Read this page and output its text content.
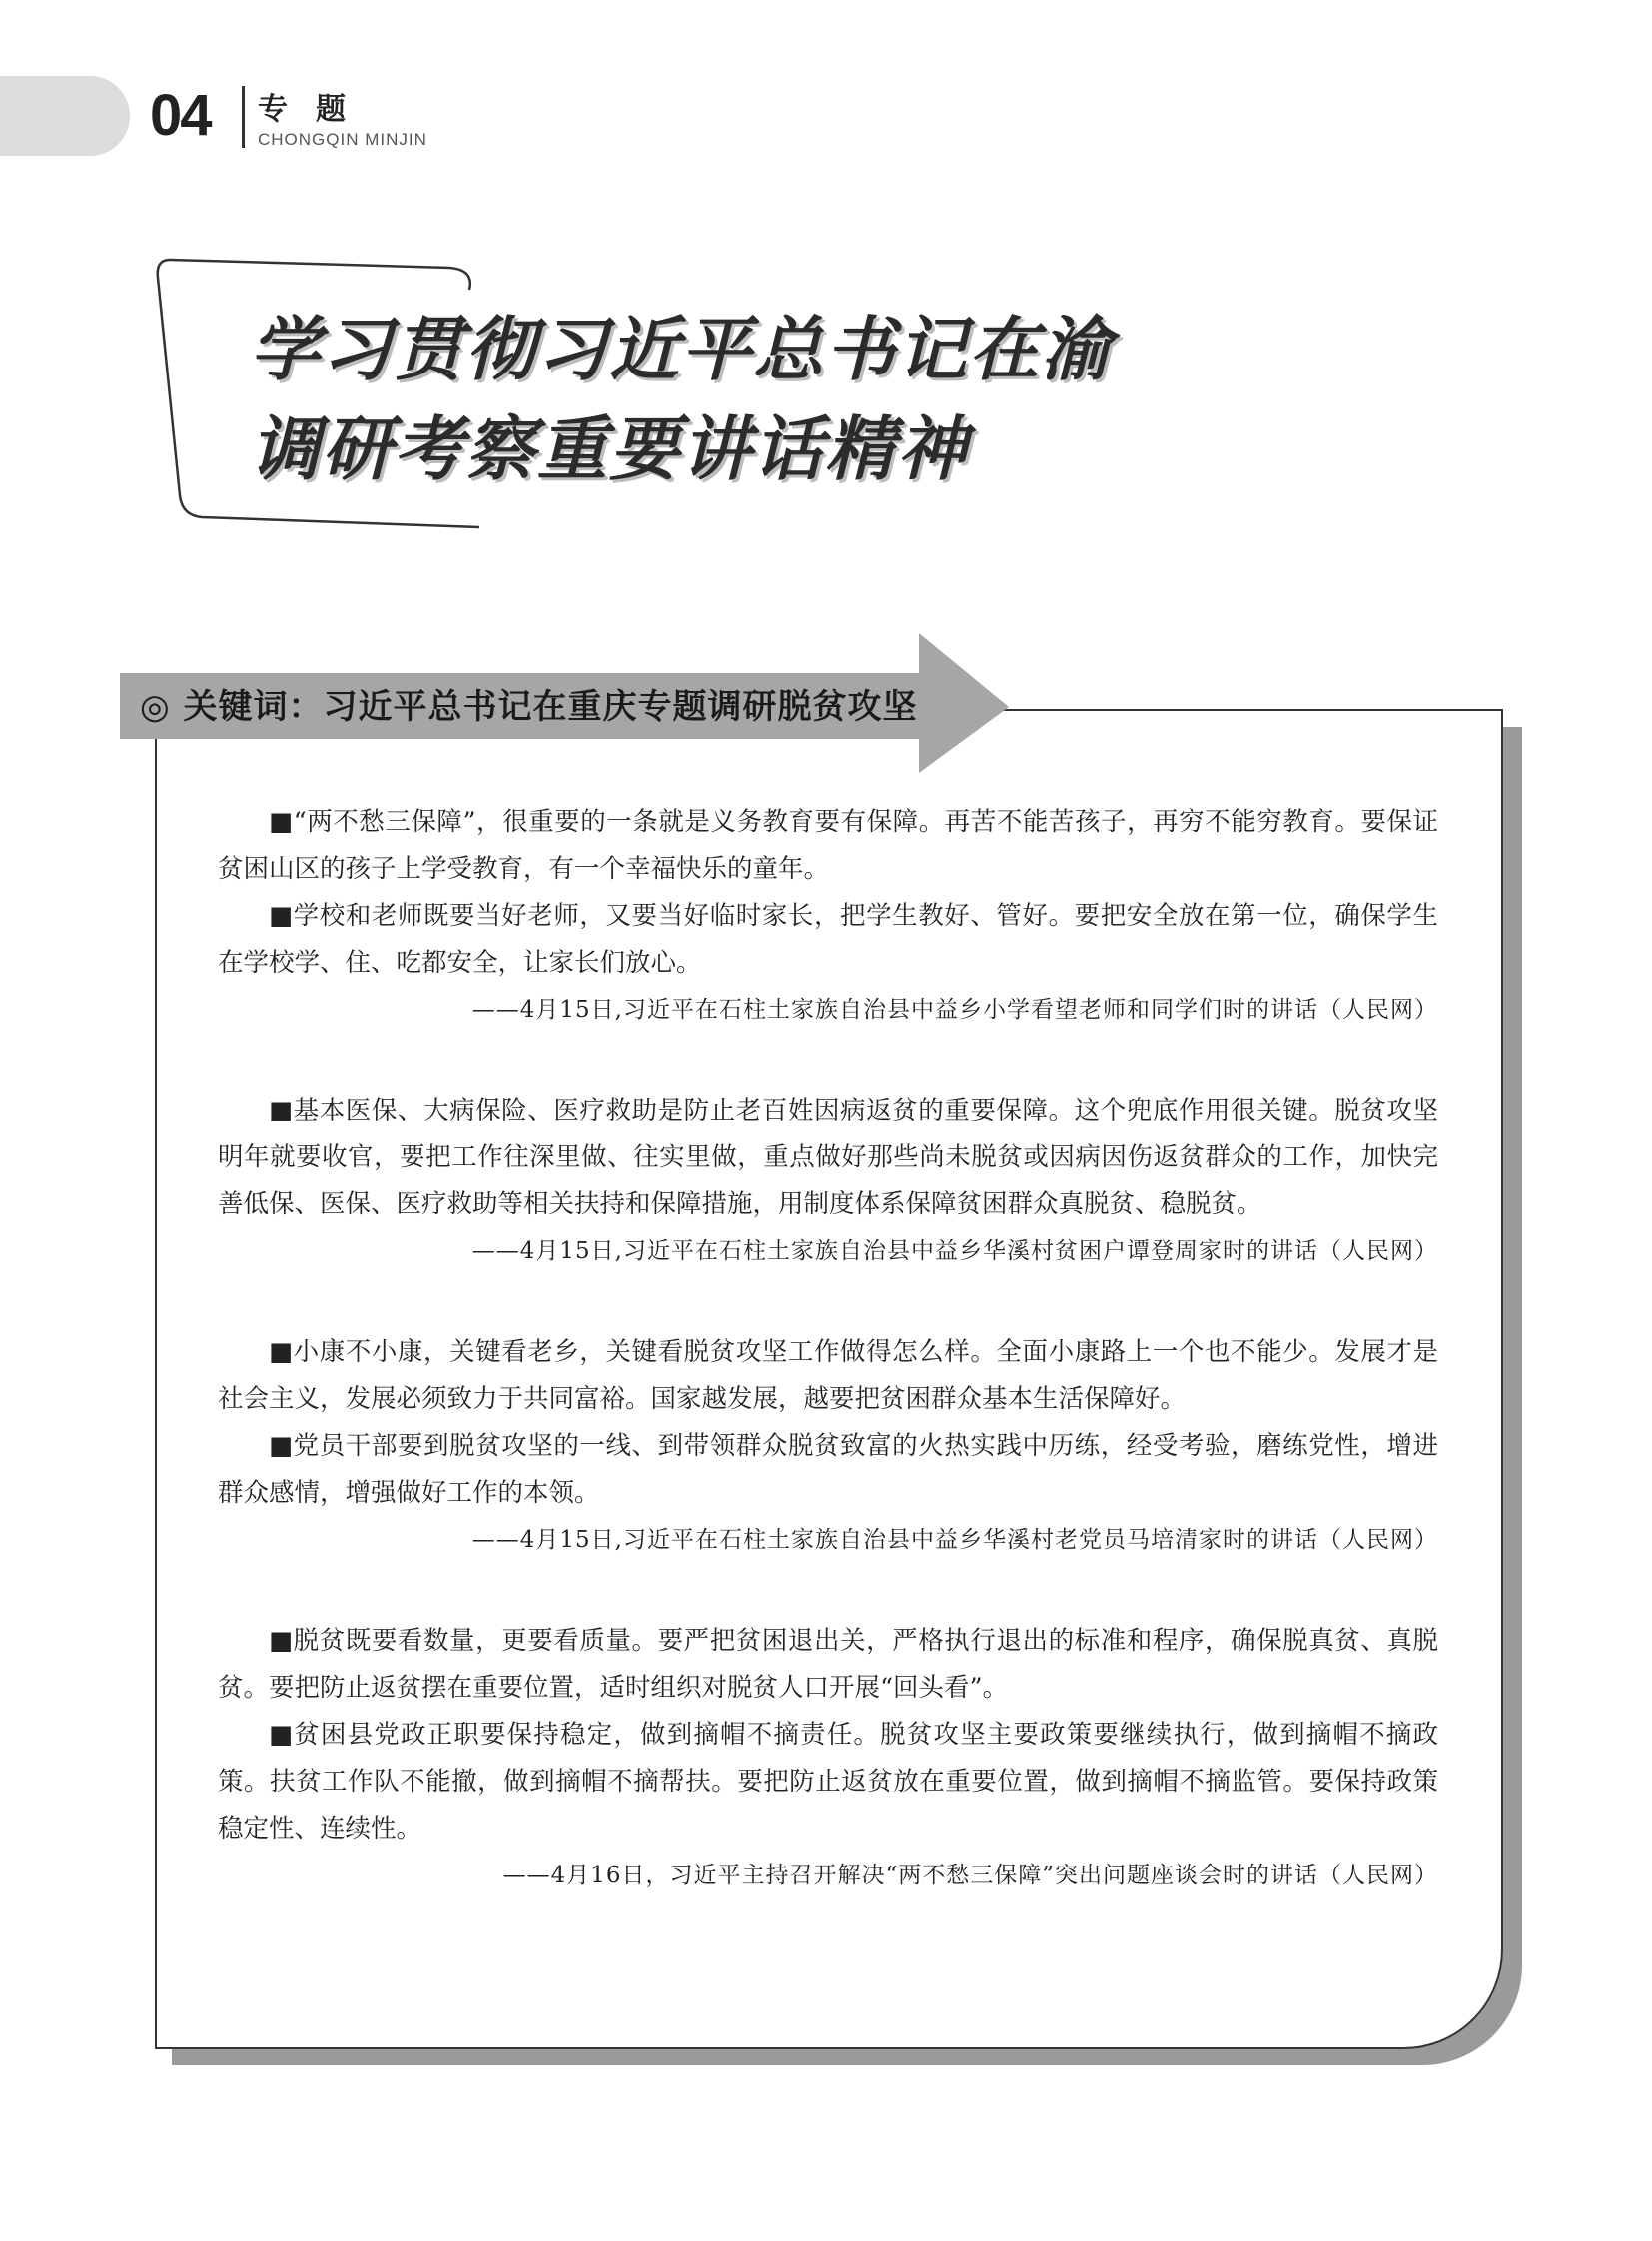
04 专题
CHONGQIN MINJIN
学习贯彻习近平总书记在渝
调研考察重要讲话精神
◎ 关键词：习近平总书记在重庆专题调研脱贫攻坚

■“两不愁三保障”，很重要的一条就是义务教育要有保障。再苦不能苦孩子，再穷不能穷教育。要保证贫困山区的孩子上学受教育，有一个幸福快乐的童年。

■学校和老师既要当好老师，又要当好临时家长，把学生教好、管好。要把安全放在第一位，确保学生在学校学、住、吃都安全，让家长们放心。

——4月15日,习近平在石柱土家族自治县中益乡小学看望老师和同学们时的讲话（人民网）

■基本医保、大病保险、医疗救助是防止老百姓因病返贫的重要保障。这个兜底作用很关键。脱贫攻坚明年就要收官，要把工作往深里做、往实里做，重点做好那些尚未脱贫或因病因伤返贫群众的工作，加快完善低保、医保、医疗救助等相关扶持和保障措施，用制度体系保障贫困群众真脱贫、稳脱贫。

——4月15日,习近平在石柱土家族自治县中益乡华溪村贫困户谭登周家时的讲话（人民网）

■小康不小康，关键看老乡，关键看脱贫攻坚工作做得怎么样。全面小康路上一个也不能少。发展才是社会主义，发展必须致力于共同富裕。国家越发展，越要把贫困群众基本生活保障好。

■党员干部要到脱贫攻坚的一线、到带领群众脱贫致富的火热实践中历练，经受考验，磨练党性，增进群众感情，增强做好工作的本领。

——4月15日,习近平在石柱土家族自治县中益乡华溪村老党员马培清家时的讲话（人民网）

■脱贫既要看数量，更要看质量。要严把贫困退出关，严格执行退出的标准和程序，确保脱真贫、真脱贫。要把防止返贫摆在重要位置，适时组织对脱贫人口开展“回头看”。

■贫困县党政正职要保持稳定，做到摘帽不摘责任。脱贫攻坚主要政策要继续执行，做到摘帽不摘政策。扶贫工作队不能撤，做到摘帽不摘帮扶。要把防止返贫放在重要位置，做到摘帽不摘监管。要保持政策稳定性、连续性。

——4月16日，习近平主持召开解决“两不愁三保障”突出问题座谈会时的讲话（人民网）
